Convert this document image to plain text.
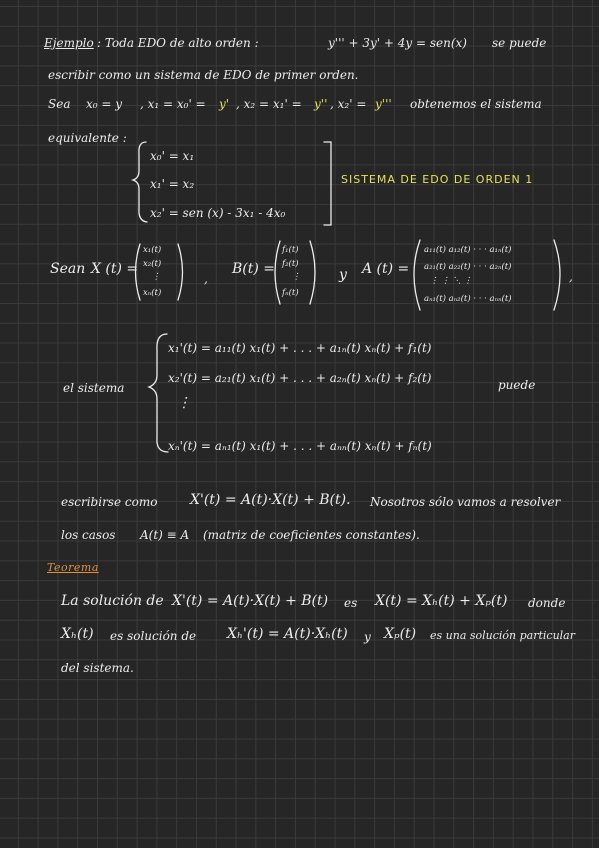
Ejemplo : Toda EDO de alto orden :	y''' + 3y' + 4y = sen(x) se puede
escribir como un sistema de EDO de primer orden.
Sea x₀ = y , x₁ = x₀' = y' , x₂ = x₁' = y'' , x₂' = y''' obtenemos el sistema
equivalente :
x₀' = x₁
x₁' = x₂
x₂' = sen (x) - 3x₁ - 4x₀
SISTEMA DE EDO DE ORDEN 1
Sean X (t) =
x₁(t)
x₂(t)
⋮
xₙ(t)
,
B(t) =
f₁(t)
f₂(t)
⋮
fₙ(t)
y A (t) =
a₁₁(t) a₁₂(t) · · · a₁ₙ(t)
a₂₁(t) a₂₂(t) · · · a₂ₙ(t)
⋮ ⋮ ⋱ ⋮
aₙ₁(t) aₙ₂(t) · · · aₙₙ(t)
,
el sistema
x₁'(t) = a₁₁(t) x₁(t) + . . . + a₁ₙ(t) xₙ(t) + f₁(t)
x₂'(t) = a₂₁(t) x₁(t) + . . . + a₂ₙ(t) xₙ(t) + f₂(t)
⋮
xₙ'(t) = aₙ₁(t) x₁(t) + . . . + aₙₙ(t) xₙ(t) + fₙ(t)
puede
escribirse como X'(t) = A(t)·X(t) + B(t). Nosotros sólo vamos a resolver
los casos A(t) ≡ A (matriz de coeficientes constantes).
Teorema
La solución de X'(t) = A(t)·X(t) + B(t) es X(t) = Xₕ(t) + Xₚ(t) donde
Xₕ(t) es solución de Xₕ'(t) = A(t)·Xₕ(t) y Xₚ(t) es una solución particular
del sistema.
